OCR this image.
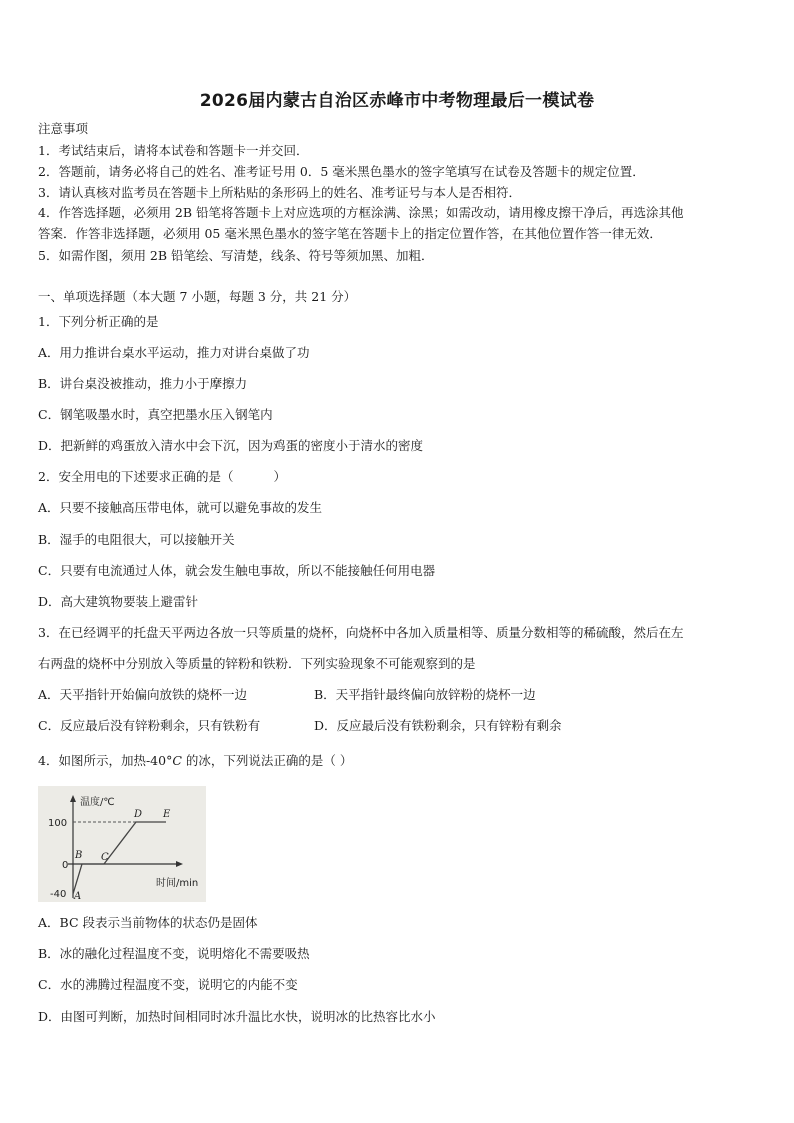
2026届内蒙古自治区赤峰市中考物理最后一模试卷
注意事项
1．考试结束后，请将本试卷和答题卡一并交回．
2．答题前，请务必将自己的姓名、准考证号用 0．5 毫米黑色墨水的签字笔填写在试卷及答题卡的规定位置．
3．请认真核对监考员在答题卡上所粘贴的条形码上的姓名、准考证号与本人是否相符．
4．作答选择题，必须用 2B 铅笔将答题卡上对应选项的方框涂满、涂黑；如需改动，请用橡皮擦干净后，再选涂其他
答案．作答非选择题，必须用 05 毫米黑色墨水的签字笔在答题卡上的指定位置作答，在其他位置作答一律无效．
5．如需作图，须用 2B 铅笔绘、写清楚，线条、符号等须加黑、加粗．
一、单项选择题（本大题 7 小题，每题 3 分，共 21 分）
1．下列分析正确的是
A．用力推讲台桌水平运动，推力对讲台桌做了功
B．讲台桌没被推动，推力小于摩擦力
C．钢笔吸墨水时，真空把墨水压入钢笔内
D．把新鲜的鸡蛋放入清水中会下沉，因为鸡蛋的密度小于清水的密度
2．安全用电的下述要求正确的是（	）
A．只要不接触高压带电体，就可以避免事故的发生
B．湿手的电阻很大，可以接触开关
C．只要有电流通过人体，就会发生触电事故，所以不能接触任何用电器
D．高大建筑物要装上避雷针
3．在已经调平的托盘天平两边各放一只等质量的烧杯，向烧杯中各加入质量相等、质量分数相等的稀硫酸，然后在左
右两盘的烧杯中分别放入等质量的锌粉和铁粉．下列实验现象不可能观察到的是
A．天平指针开始偏向放铁的烧杯一边	B．天平指针最终偏向放锌粉的烧杯一边
C．反应最后没有锌粉剩余，只有铁粉有	D．反应最后没有铁粉剩余，只有锌粉有剩余
4．如图所示，加热-40°C 的冰，下列说法正确的是（ ）
温度/℃
时间/min
100
0
-40 A
B C
D E
A．BC 段表示当前物体的状态仍是固体
B．冰的融化过程温度不变，说明熔化不需要吸热
C．水的沸腾过程温度不变，说明它的内能不变
D．由图可判断，加热时间相同时冰升温比水快，说明冰的比热容比水小
